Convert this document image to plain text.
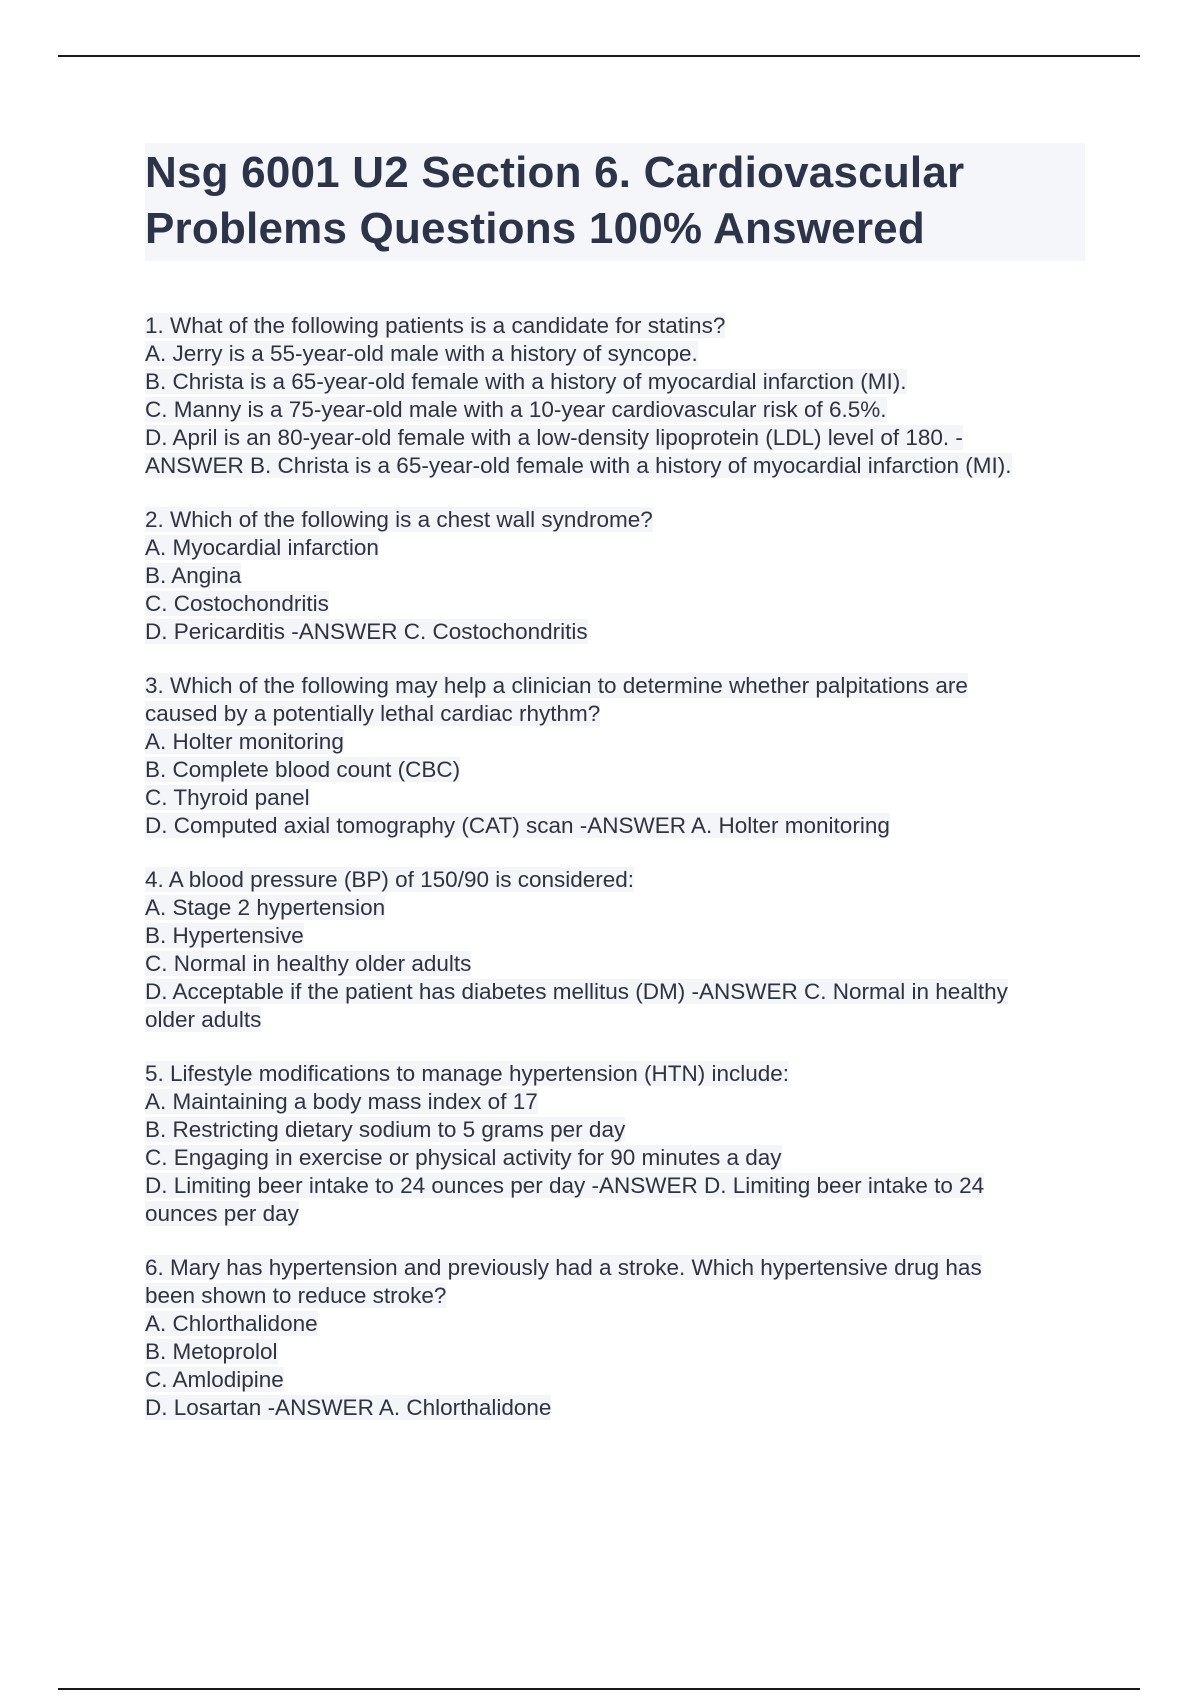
Nsg 6001 U2 Section 6. Cardiovascular
Problems Questions 100% Answered
1. What of the following patients is a candidate for statins?
A. Jerry is a 55-year-old male with a history of syncope.
B. Christa is a 65-year-old female with a history of myocardial infarction (MI).
C. Manny is a 75-year-old male with a 10-year cardiovascular risk of 6.5%.
D. April is an 80-year-old female with a low-density lipoprotein (LDL) level of 180. -
ANSWER B. Christa is a 65-year-old female with a history of myocardial infarction (MI).
2. Which of the following is a chest wall syndrome?
A. Myocardial infarction
B. Angina
C. Costochondritis
D. Pericarditis -ANSWER C. Costochondritis
3. Which of the following may help a clinician to determine whether palpitations are
caused by a potentially lethal cardiac rhythm?
A. Holter monitoring
B. Complete blood count (CBC)
C. Thyroid panel
D. Computed axial tomography (CAT) scan -ANSWER A. Holter monitoring
4. A blood pressure (BP) of 150/90 is considered:
A. Stage 2 hypertension
B. Hypertensive
C. Normal in healthy older adults
D. Acceptable if the patient has diabetes mellitus (DM) -ANSWER C. Normal in healthy
older adults
5. Lifestyle modifications to manage hypertension (HTN) include:
A. Maintaining a body mass index of 17
B. Restricting dietary sodium to 5 grams per day
C. Engaging in exercise or physical activity for 90 minutes a day
D. Limiting beer intake to 24 ounces per day -ANSWER D. Limiting beer intake to 24
ounces per day
6. Mary has hypertension and previously had a stroke. Which hypertensive drug has
been shown to reduce stroke?
A. Chlorthalidone
B. Metoprolol
C. Amlodipine
D. Losartan -ANSWER A. Chlorthalidone
